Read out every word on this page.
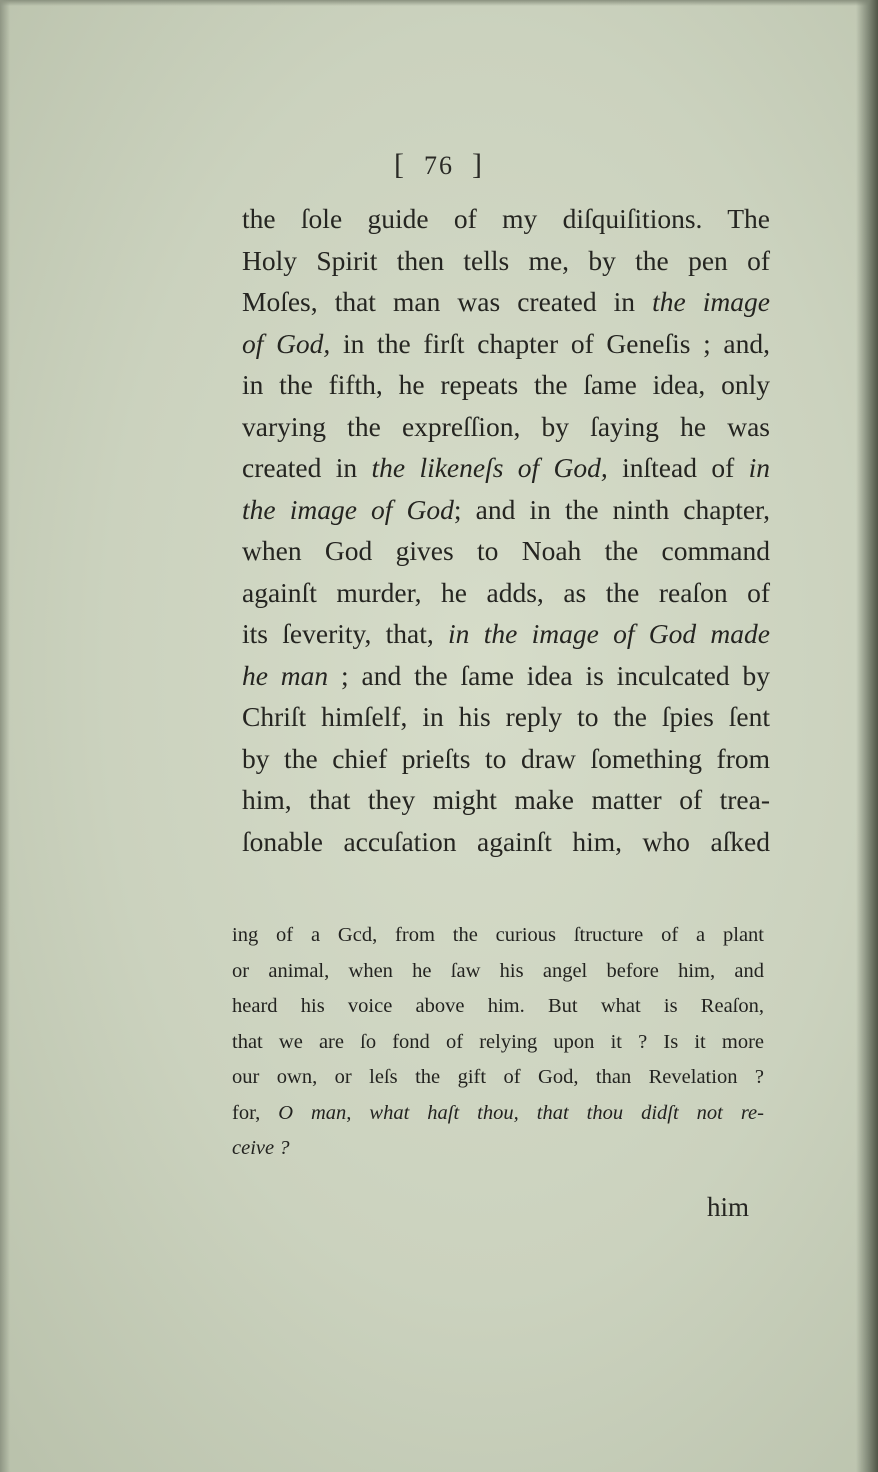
[ 76 ]
the ſole guide of my diſquiſitions. The
Holy Spirit then tells me, by the pen of
Moſes, that man was created in the image
of God, in the firſt chapter of Geneſis ; and,
in the fifth, he repeats the ſame idea, only
varying the expreſſion, by ſaying he was
created in the likeneſs of God, inſtead of in
the image of God; and in the ninth chapter,
when God gives to Noah the command
againſt murder, he adds, as the reaſon of
its ſeverity, that, in the image of God made
he man ; and the ſame idea is inculcated by
Chriſt himſelf, in his reply to the ſpies ſent
by the chief prieſts to draw ſomething from
him, that they might make matter of trea-
ſonable accuſation againſt him, who aſked
ing of a Gcd, from the curious ſtructure of a plant
or animal, when he ſaw his angel before him, and
heard his voice above him. But what is Reaſon,
that we are ſo fond of relying upon it ? Is it more
our own, or leſs the gift of God, than Revelation ?
for, O man, what haſt thou, that thou didſt not re-
ceive ?
him
